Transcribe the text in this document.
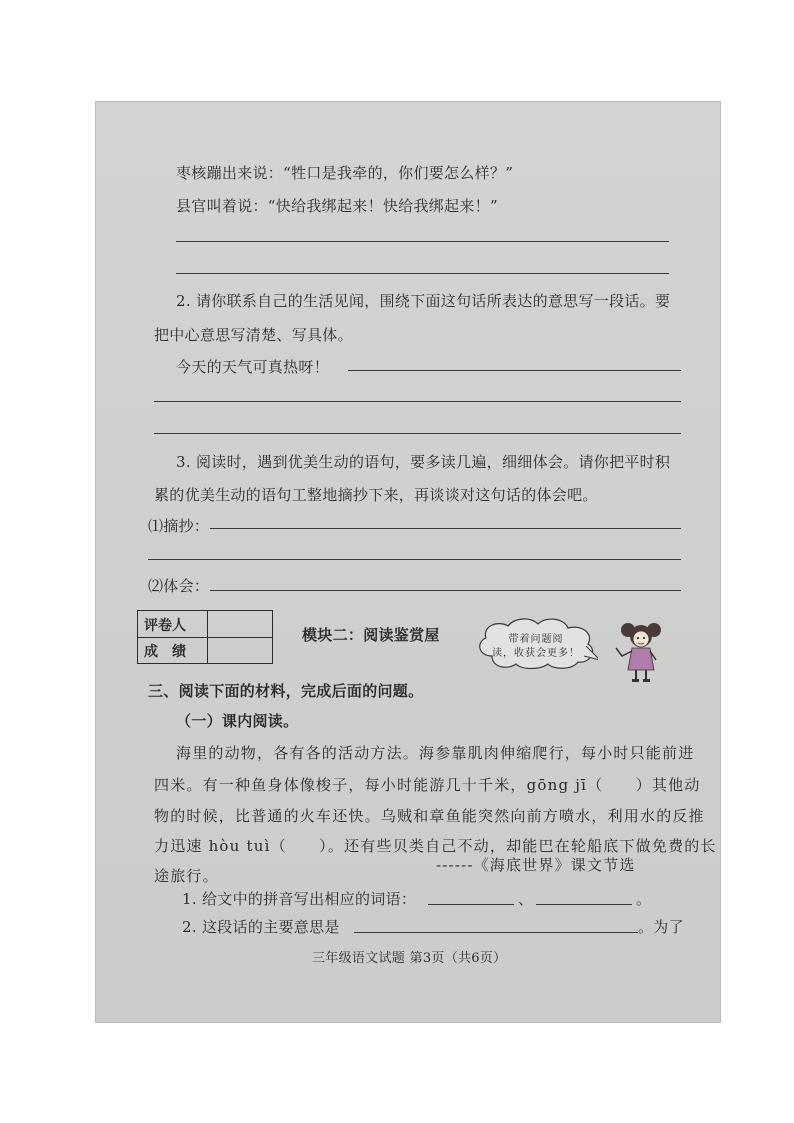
枣核蹦出来说：“牲口是我牵的，你们要怎么样？”
县官叫着说：“快给我绑起来！快给我绑起来！”
2. 请你联系自己的生活见闻，围绕下面这句话所表达的意思写一段话。要
把中心意思写清楚、写具体。
今天的天气可真热呀！
3. 阅读时，遇到优美生动的语句，要多读几遍，细细体会。请你把平时积
累的优美生动的语句工整地摘抄下来，再谈谈对这句话的体会吧。
⑴摘抄：
⑵体会：
评卷人
成　绩
模块二：阅读鉴赏屋	带着问题阅
读，收获会更多！
三、阅读下面的材料，完成后面的问题。
（一）课内阅读。
海里的动物，各有各的活动方法。海参靠肌肉伸缩爬行，每小时只能前进
四米。有一种鱼身体像梭子，每小时能游几十千米，gōng jī（　　）其他动
物的时候，比普通的火车还快。乌贼和章鱼能突然向前方喷水，利用水的反推
力迅速 hòu tuì（　　）。还有些贝类自己不动，却能巴在轮船底下做免费的长
途旅行。
------《海底世界》课文节选
1. 给文中的拼音写出相应的词语：	、	。
2. 这段话的主要意思是	。为了
三年级语文试题 第3页（共6页）
